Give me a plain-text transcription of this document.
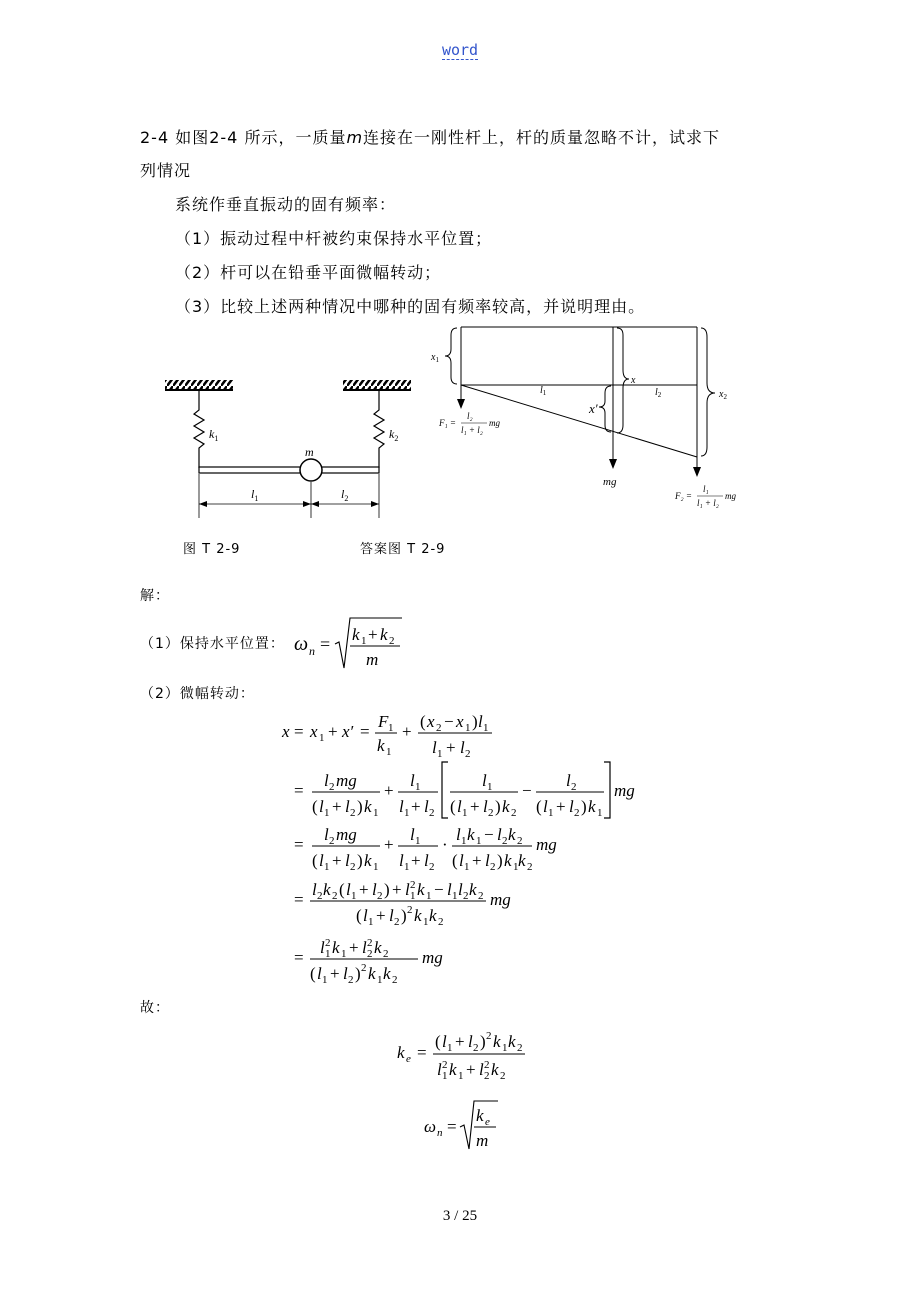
word
2-4 如图2-4 所示，一质量m连接在一刚性杆上，杆的质量忽略不计，试求下
列情况
系统作垂直振动的固有频率：
（1）振动过程中杆被约束保持水平位置；
（2）杆可以在铅垂平面微幅转动；
（3）比较上述两种情况中哪种的固有频率较高，并说明理由。
$k_1$	$k_2$
m
$l_1$	$l_2$
$x_1$
x
x′
$x_2$
$l_1$	$l_2$
mg
F₁ =
l₂
l₁ + l₂
mg
F₂ =
l₁
l₁ + l₂
mg
图 T 2-9	答案图 T 2-9
解：
（1）保持水平位置： ω n = k 1 + k 2
m
（2）微幅转动：
x = x 1 + x′ =
F 1
k 1
+
( x 2 − x 1 ) l 1
l 1 + l 2
=
l 2 mg
( l 1 + l 2 ) k 1
+
l 1
l 1 + l 2
l 1
( l 1 + l 2 ) k 2
−
l 2
( l 1 + l 2 ) k 1
mg
=
l 2 mg
( l 1 + l 2 ) k 1
+
l 1
l 1 + l 2
·
l 1 k 1 − l 2 k 2
( l 1 + l 2 ) k 1 k 2
mg
=
l 2 k 2 ( l 1 + l 2 ) + l 2
1 k 1 − l 1 l 2 k 2
( l 1 + l 2 ) 2 k 1 k 2
mg
=
l 2
1 k 1 + l 2
2 k 2
( l 1 + l 2 ) 2 k 1 k 2
mg
故：
k e =
( l 1 + l 2 ) 2 k 1 k 2
l 2
1 k 1 + l 2
2 k 2
ω n =
k e
m
3 / 25
